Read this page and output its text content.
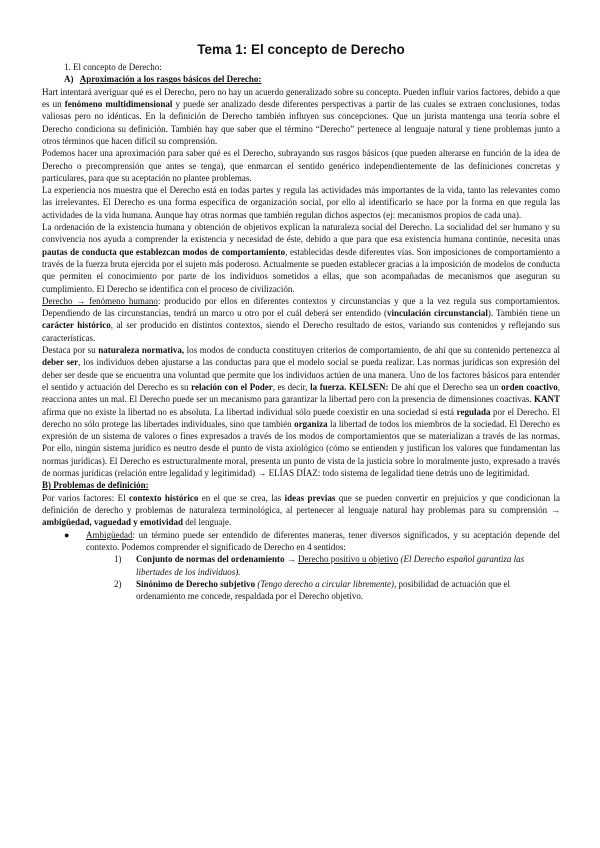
Tema 1: El concepto de Derecho
1. El concepto de Derecho:
A) Aproximación a los rasgos básicos del Derecho:

Hart intentará averiguar qué es el Derecho, pero no hay un acuerdo generalizado sobre su concepto. Pueden influir varios factores, debido a que es un fenómeno multidimensional y puede ser analizado desde diferentes perspectivas a partir de las cuales se extraen conclusiones, todas valiosas pero no idénticas. En la definición de Derecho también influyen sus concepciones. Que un jurista mantenga una teoría sobre el Derecho condiciona su definición. También hay que saber que el término “Derecho” pertenece al lenguaje natural y tiene problemas junto a otros términos que hacen difícil su comprensión.

Podemos hacer una aproximación para saber qué es el Derecho, subrayando sus rasgos básicos (que pueden alterarse en función de la idea de Derecho o precomprensión que antes se tenga), que enmarcan el sentido genérico independientemente de las definiciones concretas y particulares, para que su aceptación no plantee problemas.

La experiencia nos muestra que el Derecho está en todas partes y regula las actividades más importantes de la vida, tanto las relevantes como las irrelevantes. El Derecho es una forma específica de organización social, por ello al identificarlo se hace por la forma en que regula las actividades de la vida humana. Aunque hay otras normas que también regulan dichos aspectos (ej: mecanismos propios de cada una).

La ordenación de la existencia humana y obtención de objetivos explican la naturaleza social del Derecho. La socialidad del ser humano y su convivencia nos ayuda a comprender la existencia y necesidad de éste, debido a que para que esa existencia humana continúe, necesita unas pautas de conducta que establezcan modos de comportamiento, establecidas desde diferentes vías. Son imposiciones de comportamiento a través de la fuerza bruta ejercida por el sujeto más poderoso. Actualmente se pueden establecer gracias a la imposición de modelos de conducta que permiten el conocimiento por parte de los individuos sometidos a ellas, que son acompañadas de mecanismos que aseguran su cumplimiento. El Derecho se identifica con el proceso de civilización.

Derecho → fenómeno humano: producido por ellos en diferentes contextos y circunstancias y que a la vez regula sus comportamientos. Dependiendo de las circunstancias, tendrá un marco u otro por el cuál deberá ser entendido (vinculación circunstancial). También tiene un carácter histórico, al ser producido en distintos contextos, siendo el Derecho resultado de estos, variando sus contenidos y reflejando sus características.

Destaca por su naturaleza normativa, los modos de conducta constituyen criterios de comportamiento, de ahí que su contenido pertenezca al deber ser, los individuos deben ajustarse a las conductas para que el modelo social se pueda realizar. Las normas jurídicas son expresión del deber ser desde que se encuentra una voluntad que permite que los individuos actúen de una manera. Uno de los factores básicos para entender el sentido y actuación del Derecho es su relación con el Poder, es decir, la fuerza. KELSEN: De ahí que el Derecho sea un orden coactivo, reacciona antes un mal. El Derecho puede ser un mecanismo para garantizar la libertad pero con la presencia de dimensiones coactivas. KANT afirma que no existe la libertad no es absoluta. La libertad individual sólo puede coexistir en una sociedad si está regulada por el Derecho. El derecho no sólo protege las libertades individuales, sino que también organiza la libertad de todos los miembros de la sociedad. El Derecho es expresión de un sistema de valores o fines expresados a través de los modos de comportamientos que se materializan a través de las normas. Por ello, ningún sistema jurídico es neutro desde el punto de vista axiológico (cómo se entienden y justifican los valores que fundamentan las normas jurídicas). El Derecho es estructuralmente moral, presenta un punto de vista de la justicia sobre lo moralmente justo, expresado a través de normas jurídicas (relación entre legalidad y legitimidad) → ELÍAS DÍAZ: todo sistema de legalidad tiene detrás uno de legitimidad.

B) Problemas de definición:

Por varios factores: El contexto histórico en el que se crea, las ideas previas que se pueden convertir en prejuicios y que condicionan la definición de derecho y problemas de naturaleza terminológica, al pertenecer al lenguaje natural hay problemas para su comprensión → ambigüedad, vaguedad y emotividad del lenguaje.

●	Ambigüedad: un término puede ser entendido de diferentes maneras, tener diversos significados, y su aceptación depende del contexto. Podemos comprender el significado de Derecho en 4 sentidos:
1)	Conjunto de normas del ordenamiento → Derecho positivo u objetivo (El Derecho español garantiza las libertades de los individuos).
2)	Sinónimo de Derecho subjetivo (Tengo derecho a circular libremente), posibilidad de actuación que el ordenamiento me concede, respaldada por el Derecho objetivo.
